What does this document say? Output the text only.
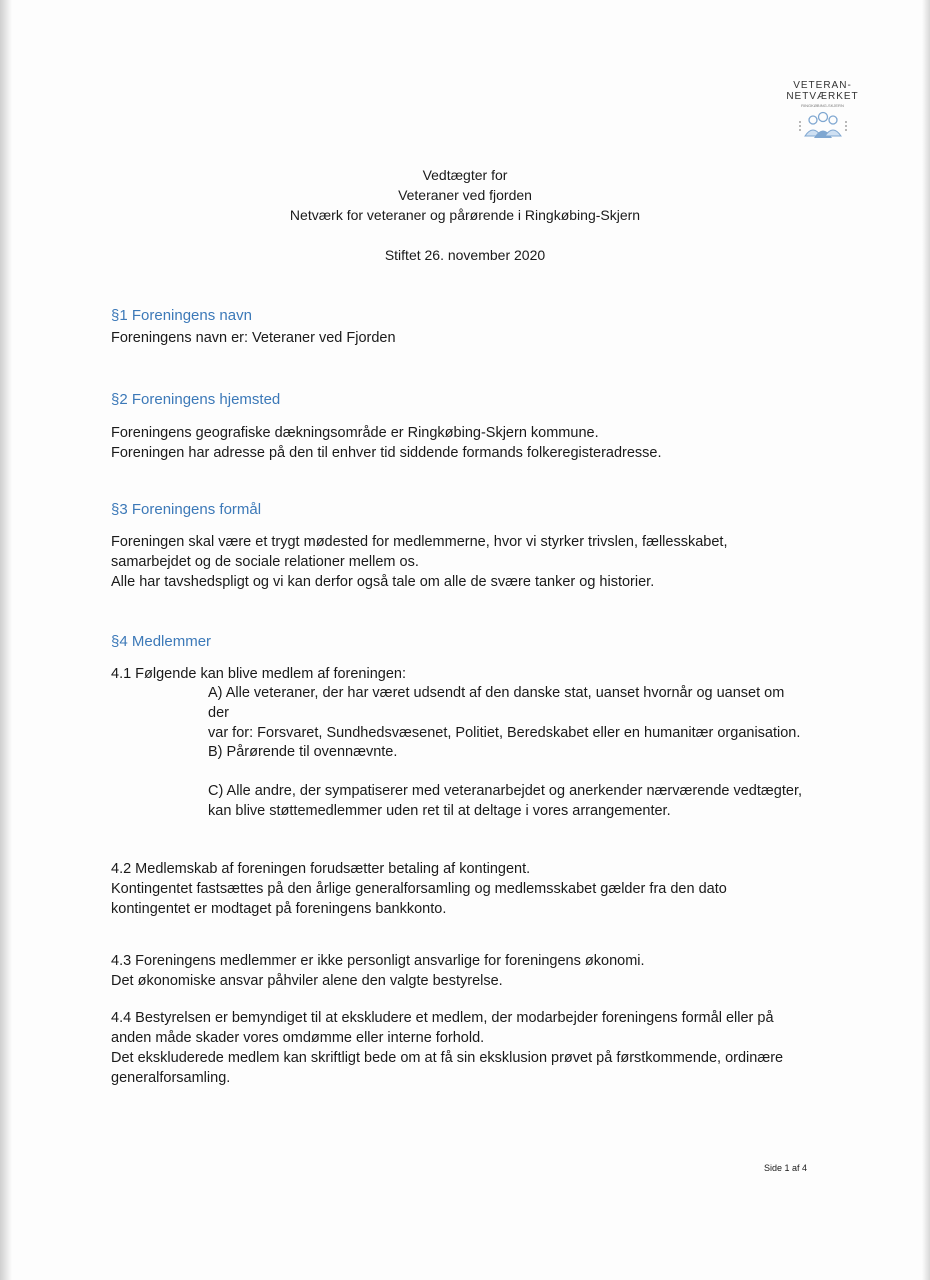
VETERAN-NETVÆRKET
RINGKØBING-SKJERN
Vedtægter for
Veteraner ved fjorden
Netværk for veteraner og pårørende i Ringkøbing-Skjern
Stiftet 26. november 2020
§1 Foreningens navn
Foreningens navn er: Veteraner ved Fjorden
§2 Foreningens hjemsted
Foreningens geografiske dækningsområde er Ringkøbing-Skjern kommune.
Foreningen har adresse på den til enhver tid siddende formands folkeregisteradresse.
§3 Foreningens formål
Foreningen skal være et trygt mødested for medlemmerne, hvor vi styrker trivslen, fællesskabet,
samarbejdet og de sociale relationer mellem os.
Alle har tavshedspligt og vi kan derfor også tale om alle de svære tanker og historier.
§4 Medlemmer
4.1 Følgende kan blive medlem af foreningen:
A) Alle veteraner, der har været udsendt af den danske stat, uanset hvornår og uanset om der
var for: Forsvaret, Sundhedsvæsenet, Politiet, Beredskabet eller en humanitær organisation.
B) Pårørende til ovennævnte.
C) Alle andre, der sympatiserer med veteranarbejdet og anerkender nærværende vedtægter,
kan blive støttemedlemmer uden ret til at deltage i vores arrangementer.
4.2 Medlemskab af foreningen forudsætter betaling af kontingent.
Kontingentet fastsættes på den årlige generalforsamling og medlemsskabet gælder fra den dato
kontingentet er modtaget på foreningens bankkonto.
4.3 Foreningens medlemmer er ikke personligt ansvarlige for foreningens økonomi.
Det økonomiske ansvar påhviler alene den valgte bestyrelse.
4.4 Bestyrelsen er bemyndiget til at ekskludere et medlem, der modarbejder foreningens formål eller på
anden måde skader vores omdømme eller interne forhold.
Det ekskluderede medlem kan skriftligt bede om at få sin eksklusion prøvet på førstkommende, ordinære
generalforsamling.
Side 1 af 4
